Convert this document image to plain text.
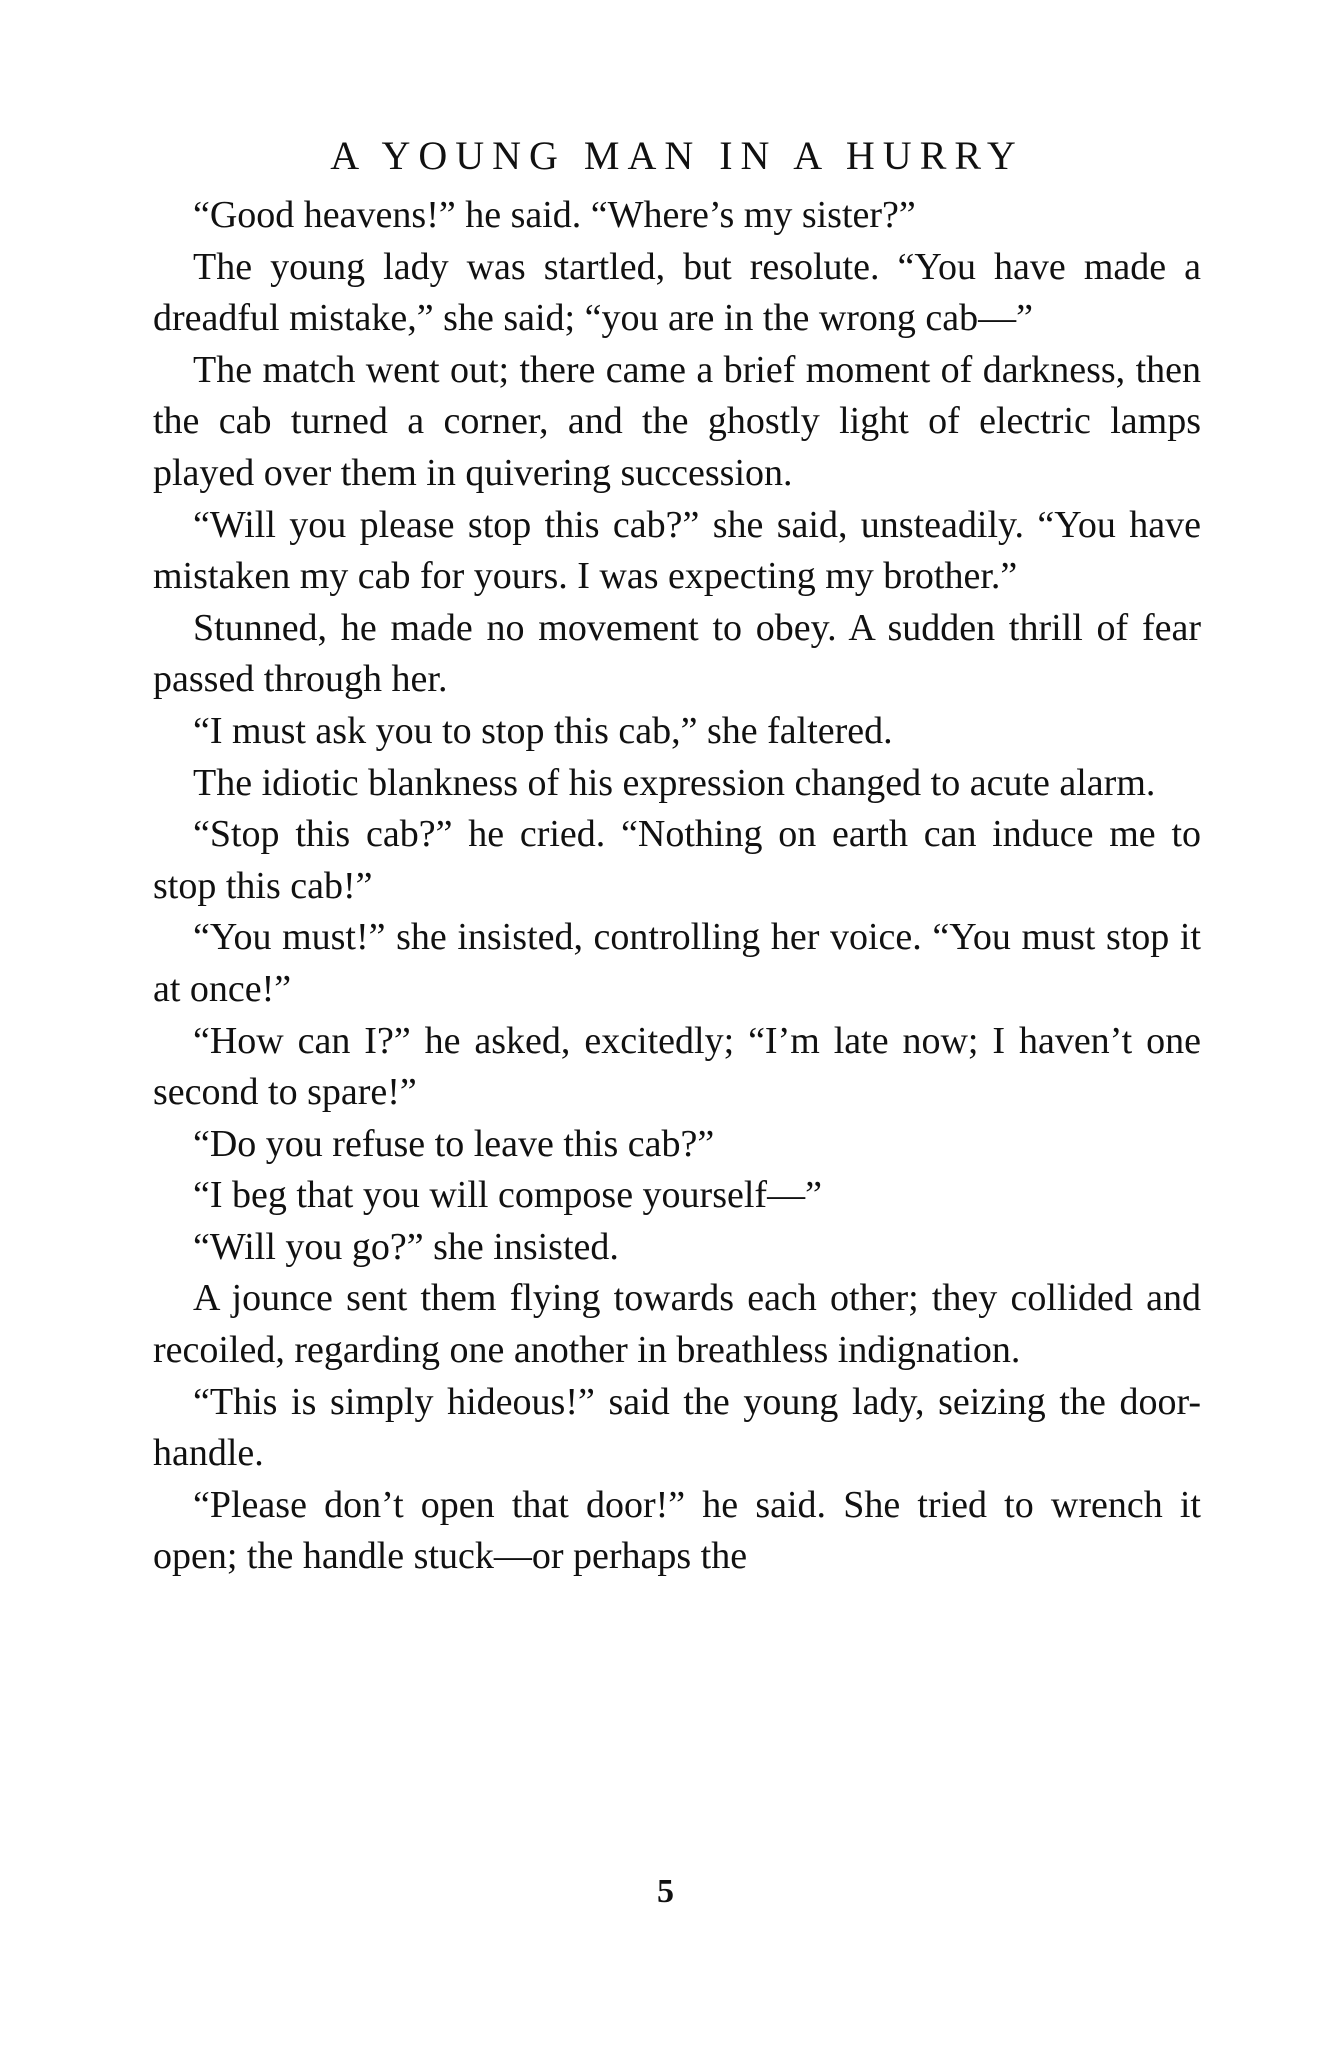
A YOUNG MAN IN A HURRY

“Good heavens!” he said. “Where’s my sister?”

The young lady was startled, but resolute. “You have made a dreadful mistake,” she said; “you are in the wrong cab—”

The match went out; there came a brief moment of darkness, then the cab turned a corner, and the ghostly light of electric lamps played over them in quivering succession.

“Will you please stop this cab?” she said, unsteadily. “You have mistaken my cab for yours. I was expecting my brother.”

Stunned, he made no movement to obey. A sudden thrill of fear passed through her.

“I must ask you to stop this cab,” she faltered.

The idiotic blankness of his expression changed to acute alarm.

“Stop this cab?” he cried. “Nothing on earth can induce me to stop this cab!”

“You must!” she insisted, controlling her voice. “You must stop it at once!”

“How can I?” he asked, excitedly; “I’m late now; I haven’t one second to spare!”

“Do you refuse to leave this cab?”

“I beg that you will compose yourself—”

“Will you go?” she insisted.

A jounce sent them flying towards each other; they collided and recoiled, regarding one another in breathless indignation.

“This is simply hideous!” said the young lady, seizing the door-handle.

“Please don’t open that door!” he said. She tried to wrench it open; the handle stuck—or perhaps the

5
